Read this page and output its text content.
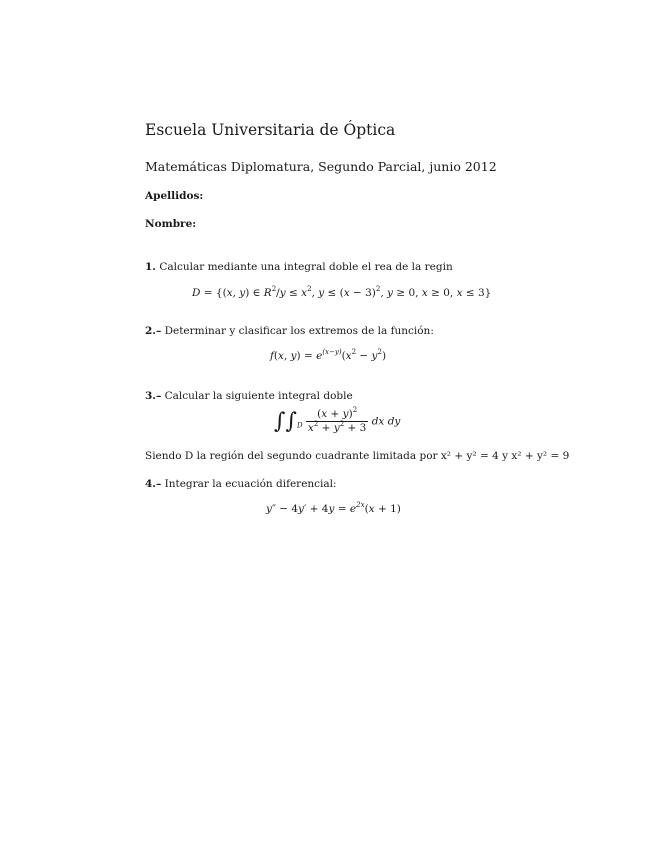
Escuela Universitaria de Óptica
Matemáticas Diplomatura, Segundo Parcial, junio 2012
Apellidos:
Nombre:
1. Calcular mediante una integral doble el rea de la regin
D = {(x, y) ∈ $R^2/y \le x^2$, $y \le (x - 3)^2$, y ≥ 0, x ≥ 0, x ≤ 3}
2.– Determinar y clasificar los extremos de la función:
f(x, $y) = e^{(x-y)}(x^2 - y^2)$
3.– Calcular la siguiente integral doble
$\int\int_D \frac{(x + y)^2}{x^2 + y^2 + 3}$ dx dy
Siendo D la región del segundo cuadrante limitada por x² + y² = 4 y x² + y² = 9
4.– Integrar la ecuación diferencial:
$y'' - 4y' + 4y = e^{2x}(x + 1)$
